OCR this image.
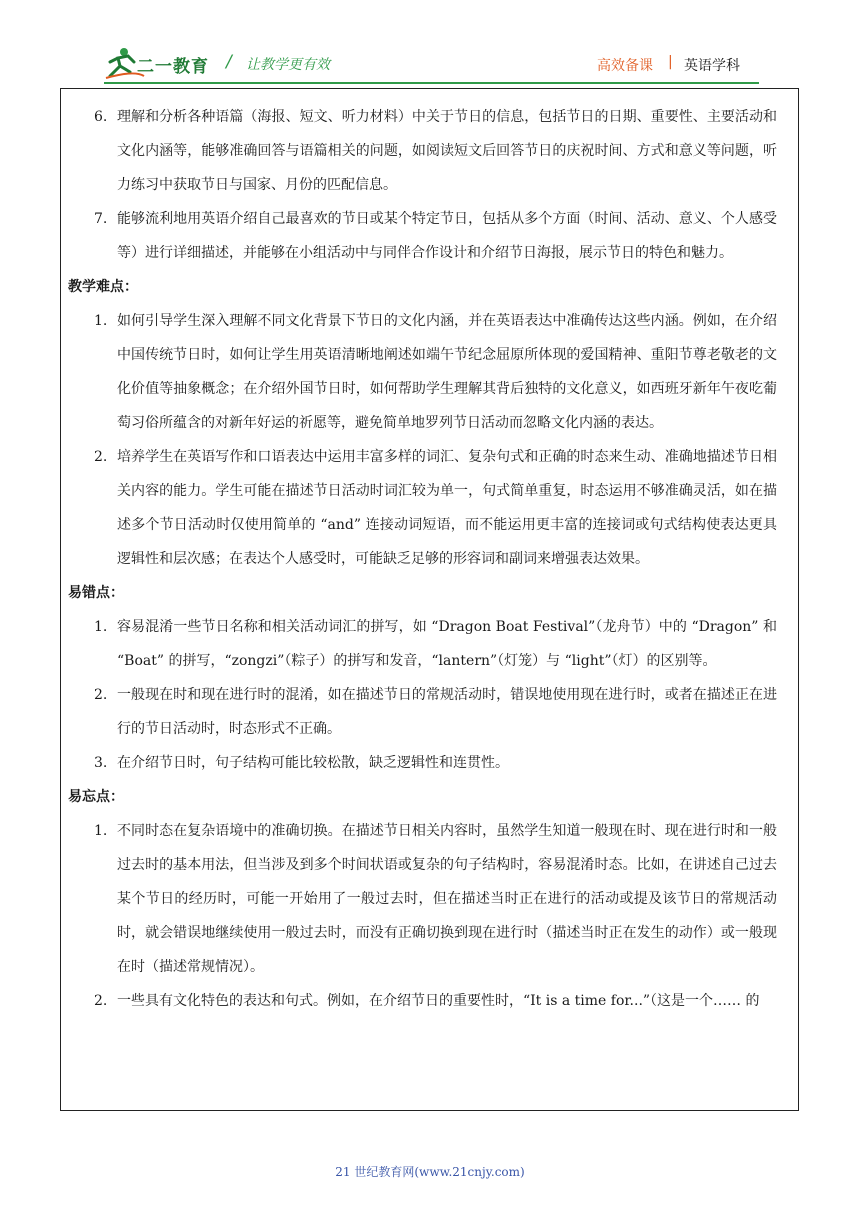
二一教育 / 让教学更有效	高效备课 | 英语学科
6. 理解和分析各种语篇（海报、短文、听力材料）中关于节日的信息，包括节日的日期、重要性、主要活动和文化内涵等，能够准确回答与语篇相关的问题，如阅读短文后回答节日的庆祝时间、方式和意义等问题，听力练习中获取节日与国家、月份的匹配信息。
7. 能够流利地用英语介绍自己最喜欢的节日或某个特定节日，包括从多个方面（时间、活动、意义、个人感受等）进行详细描述，并能够在小组活动中与同伴合作设计和介绍节日海报，展示节日的特色和魅力。
教学难点：
1. 如何引导学生深入理解不同文化背景下节日的文化内涵，并在英语表达中准确传达这些内涵。例如，在介绍中国传统节日时，如何让学生用英语清晰地阐述如端午节纪念屈原所体现的爱国精神、重阳节尊老敬老的文化价值等抽象概念；在介绍外国节日时，如何帮助学生理解其背后独特的文化意义，如西班牙新年午夜吃葡萄习俗所蕴含的对新年好运的祈愿等，避免简单地罗列节日活动而忽略文化内涵的表达。
2. 培养学生在英语写作和口语表达中运用丰富多样的词汇、复杂句式和正确的时态来生动、准确地描述节日相关内容的能力。学生可能在描述节日活动时词汇较为单一，句式简单重复，时态运用不够准确灵活，如在描述多个节日活动时仅使用简单的 “and” 连接动词短语，而不能运用更丰富的连接词或句式结构使表达更具逻辑性和层次感；在表达个人感受时，可能缺乏足够的形容词和副词来增强表达效果。
易错点：
1. 容易混淆一些节日名称和相关活动词汇的拼写，如 “Dragon Boat Festival”（龙舟节）中的 “Dragon” 和 “Boat” 的拼写，“zongzi”（粽子）的拼写和发音，“lantern”（灯笼）与 “light”（灯）的区别等。
2. 一般现在时和现在进行时的混淆，如在描述节日的常规活动时，错误地使用现在进行时，或者在描述正在进行的节日活动时，时态形式不正确。
3. 在介绍节日时，句子结构可能比较松散，缺乏逻辑性和连贯性。
易忘点：
1. 不同时态在复杂语境中的准确切换。在描述节日相关内容时，虽然学生知道一般现在时、现在进行时和一般过去时的基本用法，但当涉及到多个时间状语或复杂的句子结构时，容易混淆时态。比如，在讲述自己过去某个节日的经历时，可能一开始用了一般过去时，但在描述当时正在进行的活动或提及该节日的常规活动时，就会错误地继续使用一般过去时，而没有正确切换到现在进行时（描述当时正在发生的动作）或一般现在时（描述常规情况）。
2. 一些具有文化特色的表达和句式。例如，在介绍节日的重要性时，“It is a time for...”（这是一个…… 的
21 世纪教育网(www.21cnjy.com)
